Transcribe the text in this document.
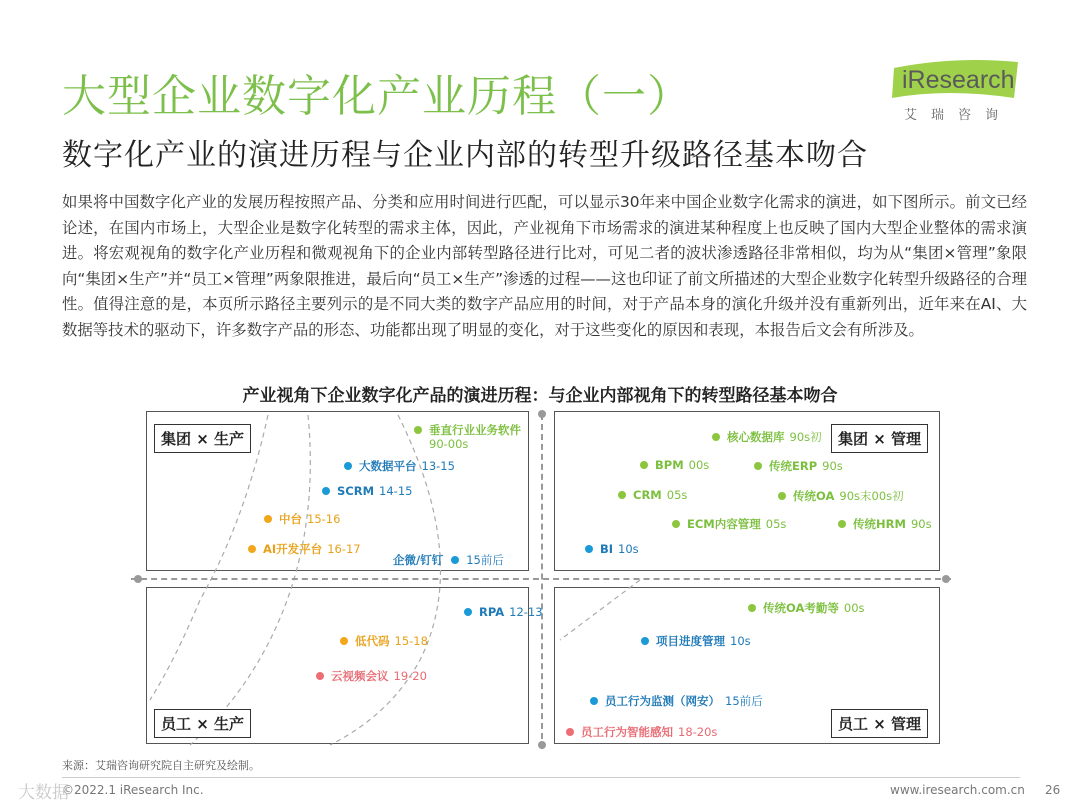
大型企业数字化产业历程（一）
数字化产业的演进历程与企业内部的转型升级路径基本吻合
iResearch
艾瑞咨询
如果将中国数字化产业的发展历程按照产品、分类和应用时间进行匹配，可以显示30年来中国企业数字化需求的演进，如下图所示。前文已经论述，在国内市场上，大型企业是数字化转型的需求主体，因此，产业视角下市场需求的演进某种程度上也反映了国内大型企业整体的需求演进。将宏观视角的数字化产业历程和微观视角下的企业内部转型路径进行比对，可见二者的波状渗透路径非常相似，均为从“集团×管理”象限向“集团×生产”并“员工×管理”两象限推进，最后向“员工×生产”渗透的过程——这也印证了前文所描述的大型企业数字化转型升级路径的合理性。值得注意的是，本页所示路径主要列示的是不同大类的数字产品应用的时间，对于产品本身的演化升级并没有重新列出，近年来在AI、大数据等技术的驱动下，许多数字产品的形态、功能都出现了明显的变化，对于这些变化的原因和表现，本报告后文会有所涉及。
产业视角下企业数字化产品的演进历程：与企业内部视角下的转型路径基本吻合
集团 × 生产	集团 × 管理
员工 × 生产	员工 × 管理
垂直行业业务软件
90-00s
大数据平台 13-15
SCRM 14-15
中台 15-16
AI开发平台 16-17
企微/钉钉 15前后
核心数据库 90s初
BPM 00s	传统ERP 90s
CRM 05s	传统OA 90s末00s初
ECM内容管理 05s	传统HRM 90s
BI 10s
RPA 12-13
低代码 15-18
云视频会议 19-20
传统OA考勤等 00s
项目进度管理 10s
员工行为监测（网安） 15前后
员工行为智能感知 18-20s
来源：艾瑞咨询研究院自主研究及绘制。
©2022.1 iResearch Inc.	www.iresearch.com.cn 26
大数据
